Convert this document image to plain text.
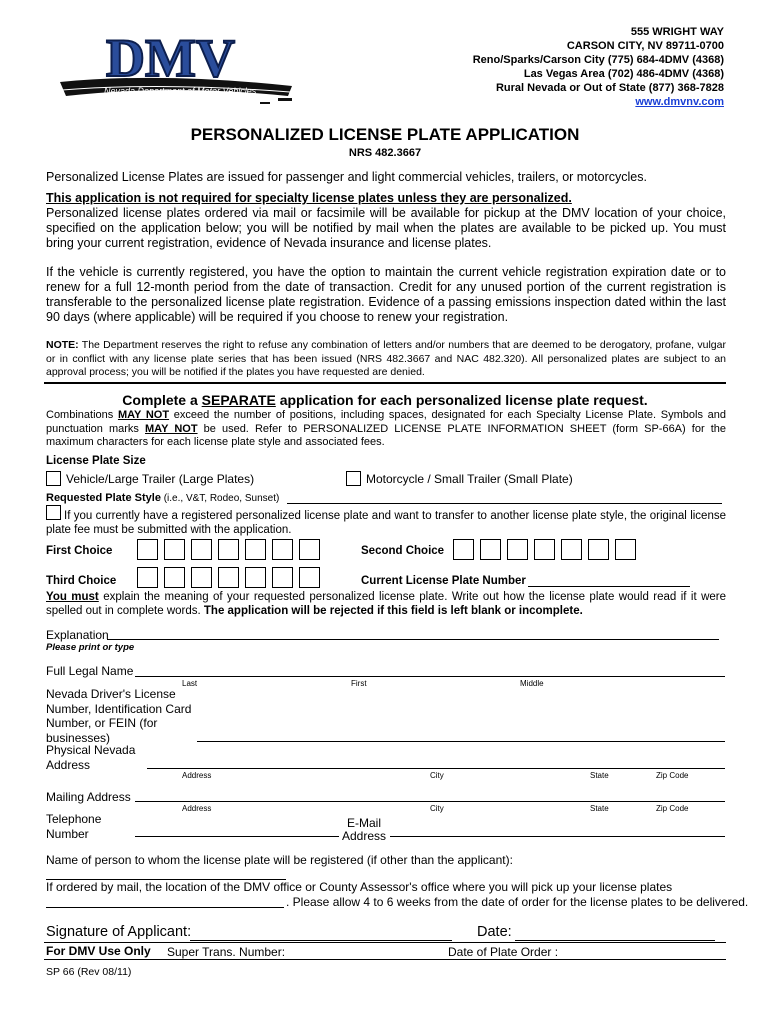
DMV
Nevada Department of Motor Vehicles
555 WRIGHT WAY
CARSON CITY, NV 89711-0700
Reno/Sparks/Carson City (775) 684-4DMV (4368)
Las Vegas Area (702) 486-4DMV (4368)
Rural Nevada or Out of State (877) 368-7828
www.dmvnv.com
PERSONALIZED LICENSE PLATE APPLICATION
NRS 482.3667
Personalized License Plates are issued for passenger and light commercial vehicles, trailers, or motorcycles.
This application is not required for specialty license plates unless they are personalized.
Personalized license plates ordered via mail or facsimile will be available for pickup at the DMV location of your choice, specified on the application below; you will be notified by mail when the plates are available to be picked up. You must bring your current registration, evidence of Nevada insurance and license plates.
If the vehicle is currently registered, you have the option to maintain the current vehicle registration expiration date or to renew for a full 12-month period from the date of transaction. Credit for any unused portion of the current registration is transferable to the personalized license plate registration. Evidence of a passing emissions inspection dated within the last 90 days (where applicable) will be required if you choose to renew your registration.
NOTE: The Department reserves the right to refuse any combination of letters and/or numbers that are deemed to be derogatory, profane, vulgar or in conflict with any license plate series that has been issued (NRS 482.3667 and NAC 482.320). All personalized plates are subject to an approval process; you will be notified if the plates you have requested are denied.
Complete a SEPARATE application for each personalized license plate request.
Combinations MAY NOT exceed the number of positions, including spaces, designated for each Specialty License Plate. Symbols and punctuation marks MAY NOT be used. Refer to PERSONALIZED LICENSE PLATE INFORMATION SHEET (form SP-66A) for the maximum characters for each license plate style and associated fees.
License Plate Size
Vehicle/Large Trailer (Large Plates)	Motorcycle / Small Trailer (Small Plate)
Requested Plate Style (i.e., V&T, Rodeo, Sunset)
If you currently have a registered personalized license plate and want to transfer to another license plate style, the original license plate fee must be submitted with the application.
First Choice	Second Choice
Third Choice	Current License Plate Number
You must explain the meaning of your requested personalized license plate. Write out how the license plate would read if it were spelled out in complete words. The application will be rejected if this field is left blank or incomplete.
Explanation
Please print or type
Full Legal Name
Last	First	Middle
Nevada Driver's License Number, Identification Card Number, or FEIN (for businesses)
Physical Nevada Address
Address	City	State	Zip Code
Mailing Address
Address	City	State	Zip Code
Telephone Number
E-Mail Address
Name of person to whom the license plate will be registered (if other than the applicant):
If ordered by mail, the location of the DMV office or County Assessor's office where you will pick up your license plates
. Please allow 4 to 6 weeks from the date of order for the license plates to be delivered.
Signature of Applicant:	Date:
For DMV Use Only Super Trans. Number:	Date of Plate Order :
SP 66 (Rev 08/11)
